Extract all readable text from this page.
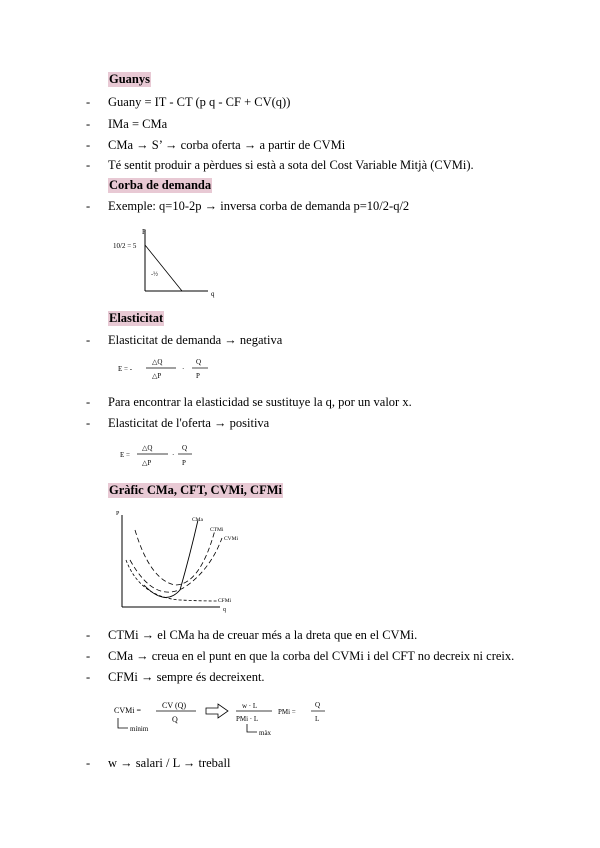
Guanys
- Guany = IT - CT (p q - CF + CV(q))
- IMa = CMa
- CMa → S’ → corba oferta → a partir de CVMi
- Té sentit produir a pèrdues si està a sota del Cost Variable Mitjà (CVMi).
Corba de demanda
- Exemple: q=10-2p → inversa corba de demanda p=10/2-q/2
P
q
10/2 = 5
-½
Elasticitat
- Elasticitat de demanda → negativa
E = -
△Q
△P
·
Q
P
- Para encontrar la elasticidad se sustituye la q, por un valor x.
- Elasticitat de l'oferta → positiva
E =
△Q
△P
·
Q
P
Gràfic CMa, CFT, CVMi, CFMi
P
q
CMa
CTMi
CVMi
CFMi
- CTMi → el CMa ha de creuar més a la dreta que en el CVMi.
- CMa → creua en el punt en que la corba del CVMi i del CFT no decreix ni creix.
- CFMi → sempre és decreixent.
CVMi =
CV (Q)
Q
mínim
w · L
PMi · L
màx
PMi =
Q
L
- w → salari / L → treball
